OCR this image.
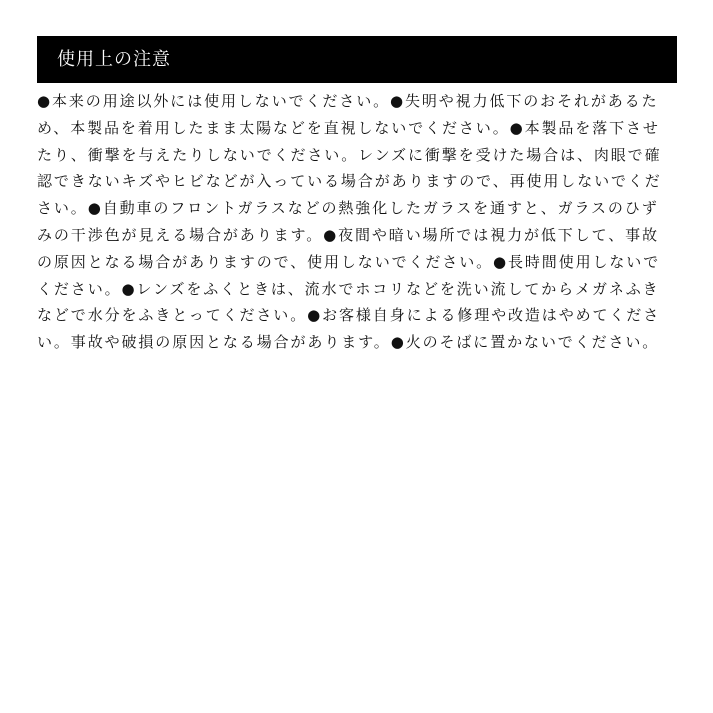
使用上の注意
●本来の用途以外には使用しないでください。●失明や視力低下のおそれがあるた
め、本製品を着用したまま太陽などを直視しないでください。●本製品を落下させ
たり、衝撃を与えたりしないでください。レンズに衝撃を受けた場合は、肉眼で確
認できないキズやヒビなどが入っている場合がありますので、再使用しないでくだ
さい。●自動車のフロントガラスなどの熱強化したガラスを通すと、ガラスのひず
みの干渉色が見える場合があります。●夜間や暗い場所では視力が低下して、事故
の原因となる場合がありますので、使用しないでください。●長時間使用しないで
ください。●レンズをふくときは、流水でホコリなどを洗い流してからメガネふき
などで水分をふきとってください。●お客様自身による修理や改造はやめてくださ
い。事故や破損の原因となる場合があります。●火のそばに置かないでください。
